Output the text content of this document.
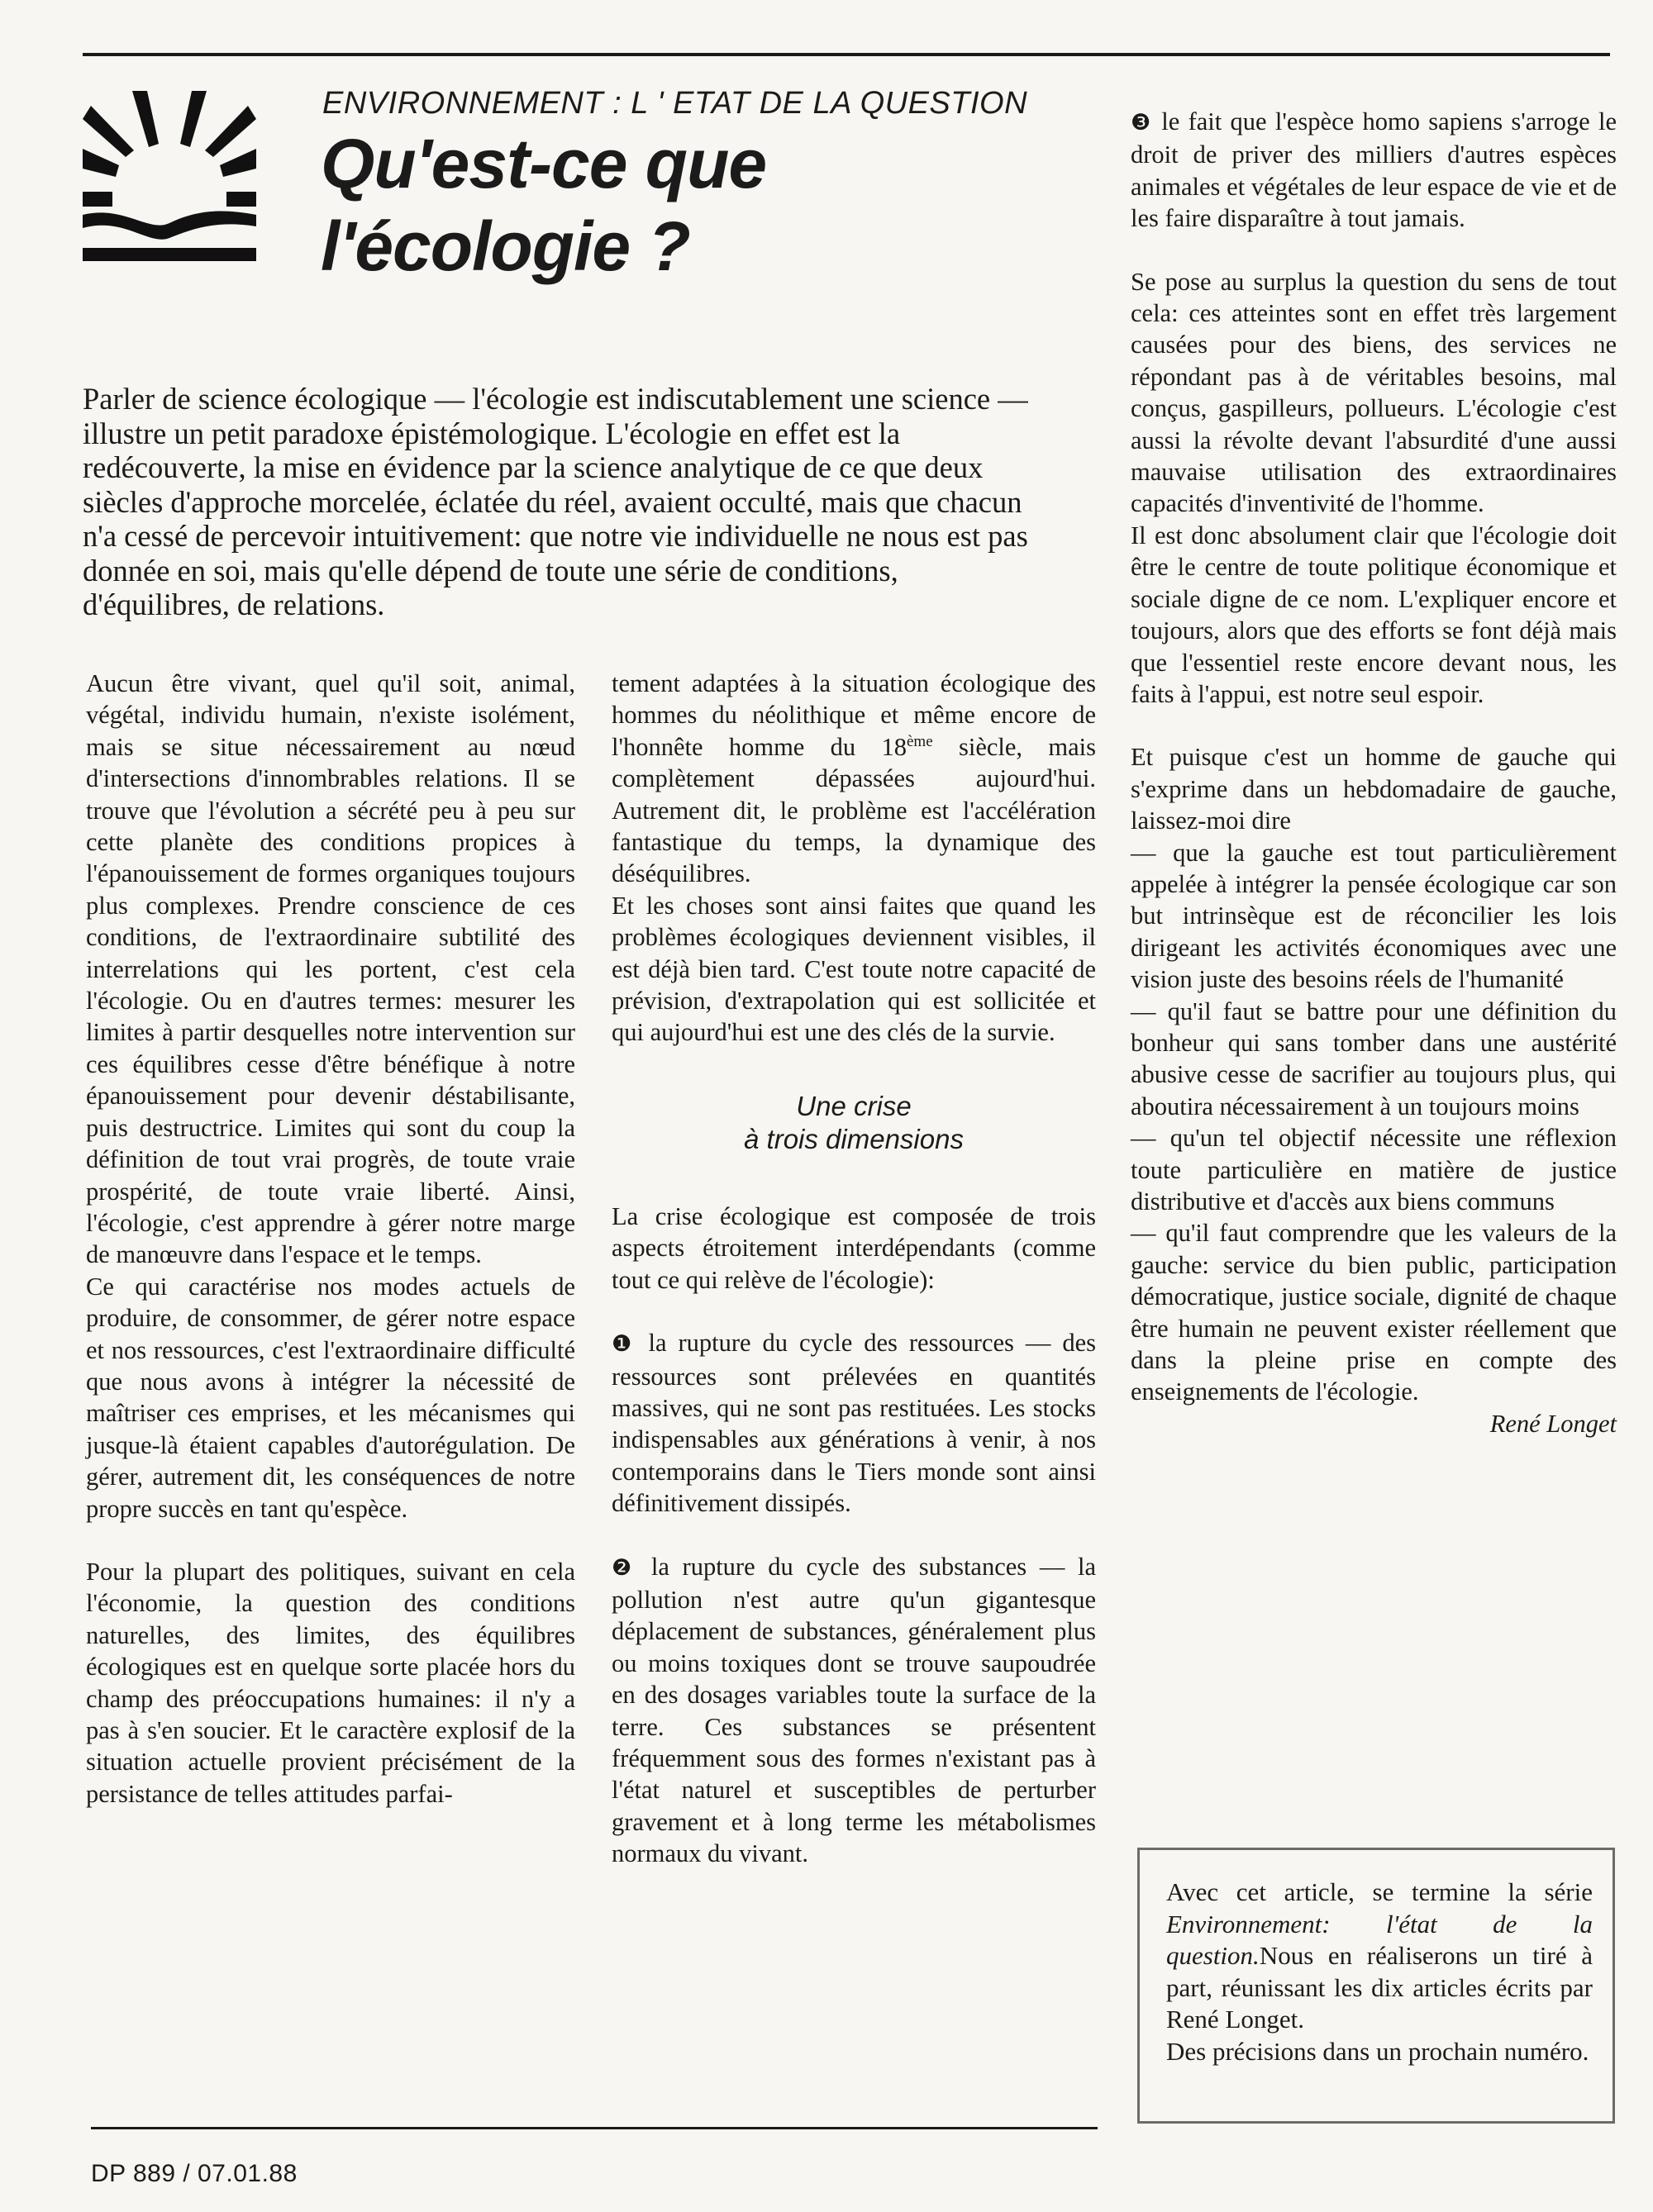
ENVIRONNEMENT : L ' ETAT DE LA QUESTION
Qu'est-ce que
l'écologie ?
Parler de science écologique — l'écologie est indiscutablement une science — illustre un petit paradoxe épistémologique. L'écologie en effet est la redécouverte, la mise en évidence par la science analytique de ce que deux siècles d'approche morcelée, éclatée du réel, avaient occulté, mais que chacun n'a cessé de percevoir intuitivement: que notre vie individuelle ne nous est pas donnée en soi, mais qu'elle dépend de toute une série de conditions, d'équilibres, de relations.

Aucun être vivant, quel qu'il soit, animal, végétal, individu humain, n'existe isolément, mais se situe nécessairement au nœud d'intersections d'innombrables relations. Il se trouve que l'évolution a sécrété peu à peu sur cette planète des conditions propices à l'épanouissement de formes organiques toujours plus complexes. Prendre conscience de ces conditions, de l'extraordinaire subtilité des interrelations qui les portent, c'est cela l'écologie. Ou en d'autres termes: mesurer les limites à partir desquelles notre intervention sur ces équilibres cesse d'être bénéfique à notre épanouissement pour devenir déstabilisante, puis destructrice. Limites qui sont du coup la définition de tout vrai progrès, de toute vraie prospérité, de toute vraie liberté. Ainsi, l'écologie, c'est apprendre à gérer notre marge de manœuvre dans l'espace et le temps.

Ce qui caractérise nos modes actuels de produire, de consommer, de gérer notre espace et nos ressources, c'est l'extraordinaire difficulté que nous avons à intégrer la nécessité de maîtriser ces emprises, et les mécanismes qui jusque-là étaient capables d'autorégulation. De gérer, autrement dit, les conséquences de notre propre succès en tant qu'espèce.

Pour la plupart des politiques, suivant en cela l'économie, la question des conditions naturelles, des limites, des équilibres écologiques est en quelque sorte placée hors du champ des préoccupations humaines: il n'y a pas à s'en soucier. Et le caractère explosif de la situation actuelle provient précisément de la persistance de telles attitudes parfai-

tement adaptées à la situation écologique des hommes du néolithique et même encore de l'honnête homme du 18ème siècle, mais complètement dépassées aujourd'hui. Autrement dit, le problème est l'accélération fantastique du temps, la dynamique des déséquilibres.

Et les choses sont ainsi faites que quand les problèmes écologiques deviennent visibles, il est déjà bien tard. C'est toute notre capacité de prévision, d'extrapolation qui est sollicitée et qui aujourd'hui est une des clés de la survie.

Une crise
à trois dimensions

La crise écologique est composée de trois aspects étroitement interdépendants (comme tout ce qui relève de l'écologie):

❶ la rupture du cycle des ressources — des ressources sont prélevées en quantités massives, qui ne sont pas restituées. Les stocks indispensables aux générations à venir, à nos contemporains dans le Tiers monde sont ainsi définitivement dissipés.

❷ la rupture du cycle des substances — la pollution n'est autre qu'un gigantesque déplacement de substances, généralement plus ou moins toxiques dont se trouve saupoudrée en des dosages variables toute la surface de la terre. Ces substances se présentent fréquemment sous des formes n'existant pas à l'état naturel et susceptibles de perturber gravement et à long terme les métabolismes normaux du vivant.

❸ le fait que l'espèce homo sapiens s'arroge le droit de priver des milliers d'autres espèces animales et végétales de leur espace de vie et de les faire disparaître à tout jamais.

Se pose au surplus la question du sens de tout cela: ces atteintes sont en effet très largement causées pour des biens, des services ne répondant pas à de véritables besoins, mal conçus, gaspilleurs, pollueurs. L'écologie c'est aussi la révolte devant l'absurdité d'une aussi mauvaise utilisation des extraordinaires capacités d'inventivité de l'homme.

Il est donc absolument clair que l'écologie doit être le centre de toute politique économique et sociale digne de ce nom. L'expliquer encore et toujours, alors que des efforts se font déjà mais que l'essentiel reste encore devant nous, les faits à l'appui, est notre seul espoir.

Et puisque c'est un homme de gauche qui s'exprime dans un hebdomadaire de gauche, laissez-moi dire

— que la gauche est tout particulièrement appelée à intégrer la pensée écologique car son but intrinsèque est de réconcilier les lois dirigeant les activités économiques avec une vision juste des besoins réels de l'humanité

— qu'il faut se battre pour une définition du bonheur qui sans tomber dans une austérité abusive cesse de sacrifier au toujours plus, qui aboutira nécessairement à un toujours moins

— qu'un tel objectif nécessite une réflexion toute particulière en matière de justice distributive et d'accès aux biens communs

— qu'il faut comprendre que les valeurs de la gauche: service du bien public, participation démocratique, justice sociale, dignité de chaque être humain ne peuvent exister réellement que dans la pleine prise en compte des enseignements de l'écologie.

René Longet

Avec cet article, se termine la série Environnement: l'état de la question.Nous en réaliserons un tiré à part, réunissant les dix articles écrits par René Longet.
Des précisions dans un prochain numéro.
DP 889 / 07.01.88
